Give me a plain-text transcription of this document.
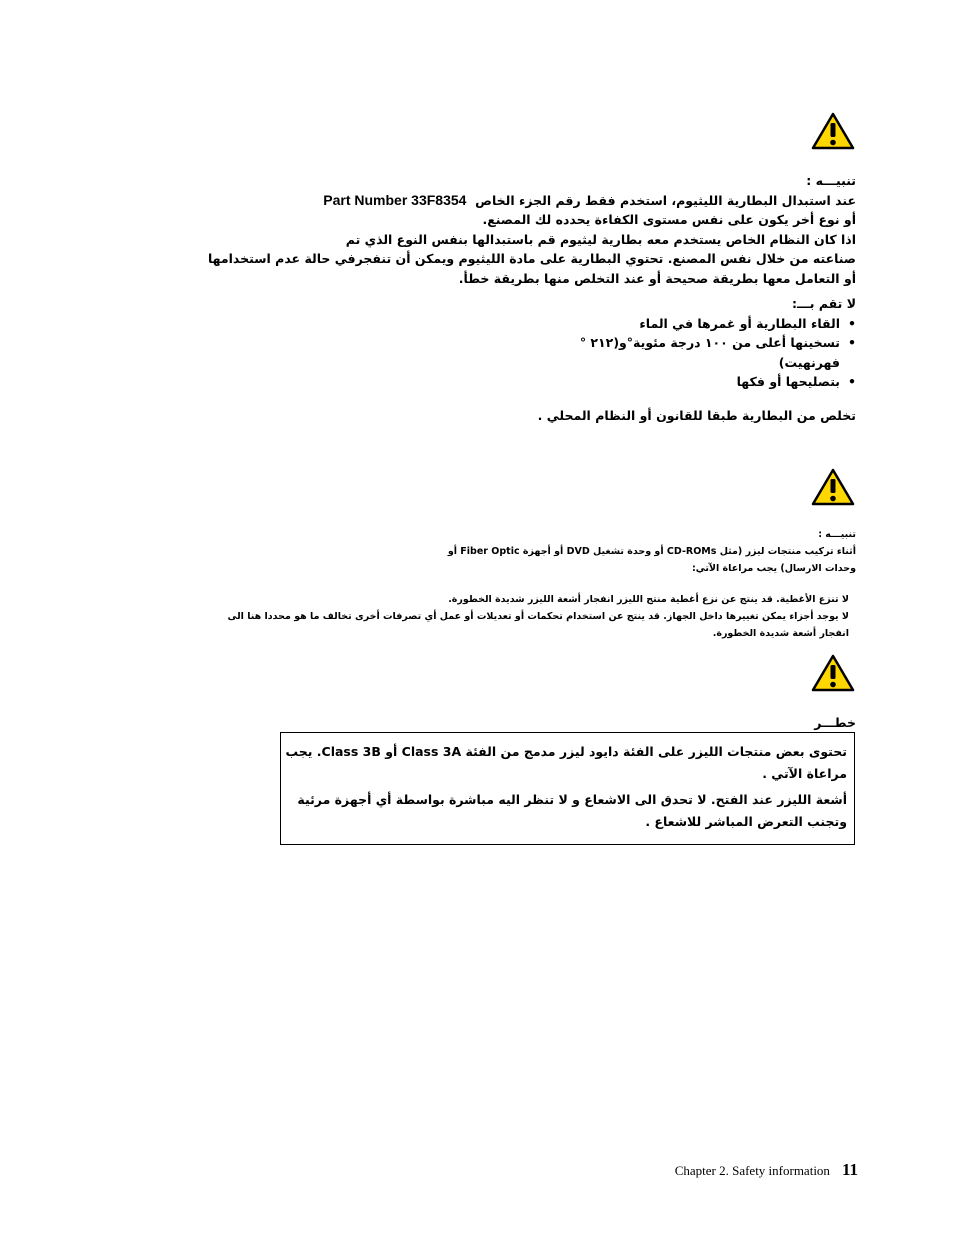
تنبيـــه :
عند استبدال البطارية الليثيوم، استخدم فقط رقم الجزء الخاص  Part Number 33F8354
أو نوع أخر يكون على نفس مستوى الكفاءة يحدده لك المصنع.
اذا كان النظام الخاص يستخدم معه بطارية ليثيوم قم باستبدالها بنفس النوع الذي تم
صناعته من خلال نفس المصنع. تحتوي البطارية على مادة الليثيوم ويمكن أن تنفجرفي حالة عدم استخدامها
أو التعامل معها بطريقة صحيحة أو عند التخلص منها بطريقة خطأ.
لا تقم بـــ:
• القاء البطارية أو غمرها في الماء
• تسخينها أعلى من ١٠٠ درجة مئوية°و(٢١٢ °
فهرنهيت)
• بتصليحها أو فكها
تخلص من البطارية طبقا للقانون أو النظام المحلي .
تنبيـــه :
أثناء تركيب منتجات ليزر (مثل CD-ROMs أو وحدة تشغيل DVD أو أجهزة Fiber Optic أو
وحدات الارسال) يجب مراعاة الآتي:
لا تنزع الأغطية. قد ينتج عن نزع أغطية منتج الليزر انفجار أشعة الليزر شديدة الخطورة.
لا يوجد أجزاء يمكن تغييرها داخل الجهاز. قد ينتج عن استخدام تحكمات أو تعديلات أو عمل أي تصرفات أخرى تخالف ما هو محددا هنا الى
انفجار أشعة شديدة الخطورة.
خطـــر
تحتوى بعض منتجات الليزر على الفئة دايود ليزر مدمج من الفئة Class 3A أو Class 3B. يجب
مراعاة الآتي .
أشعة الليزر عند الفتح. لا تحدق الى الاشعاع و لا تنظر اليه مباشرة بواسطة أي أجهزة مرئية
وتجنب التعرض المباشر للاشعاع .
Chapter 2. Safety information 11
